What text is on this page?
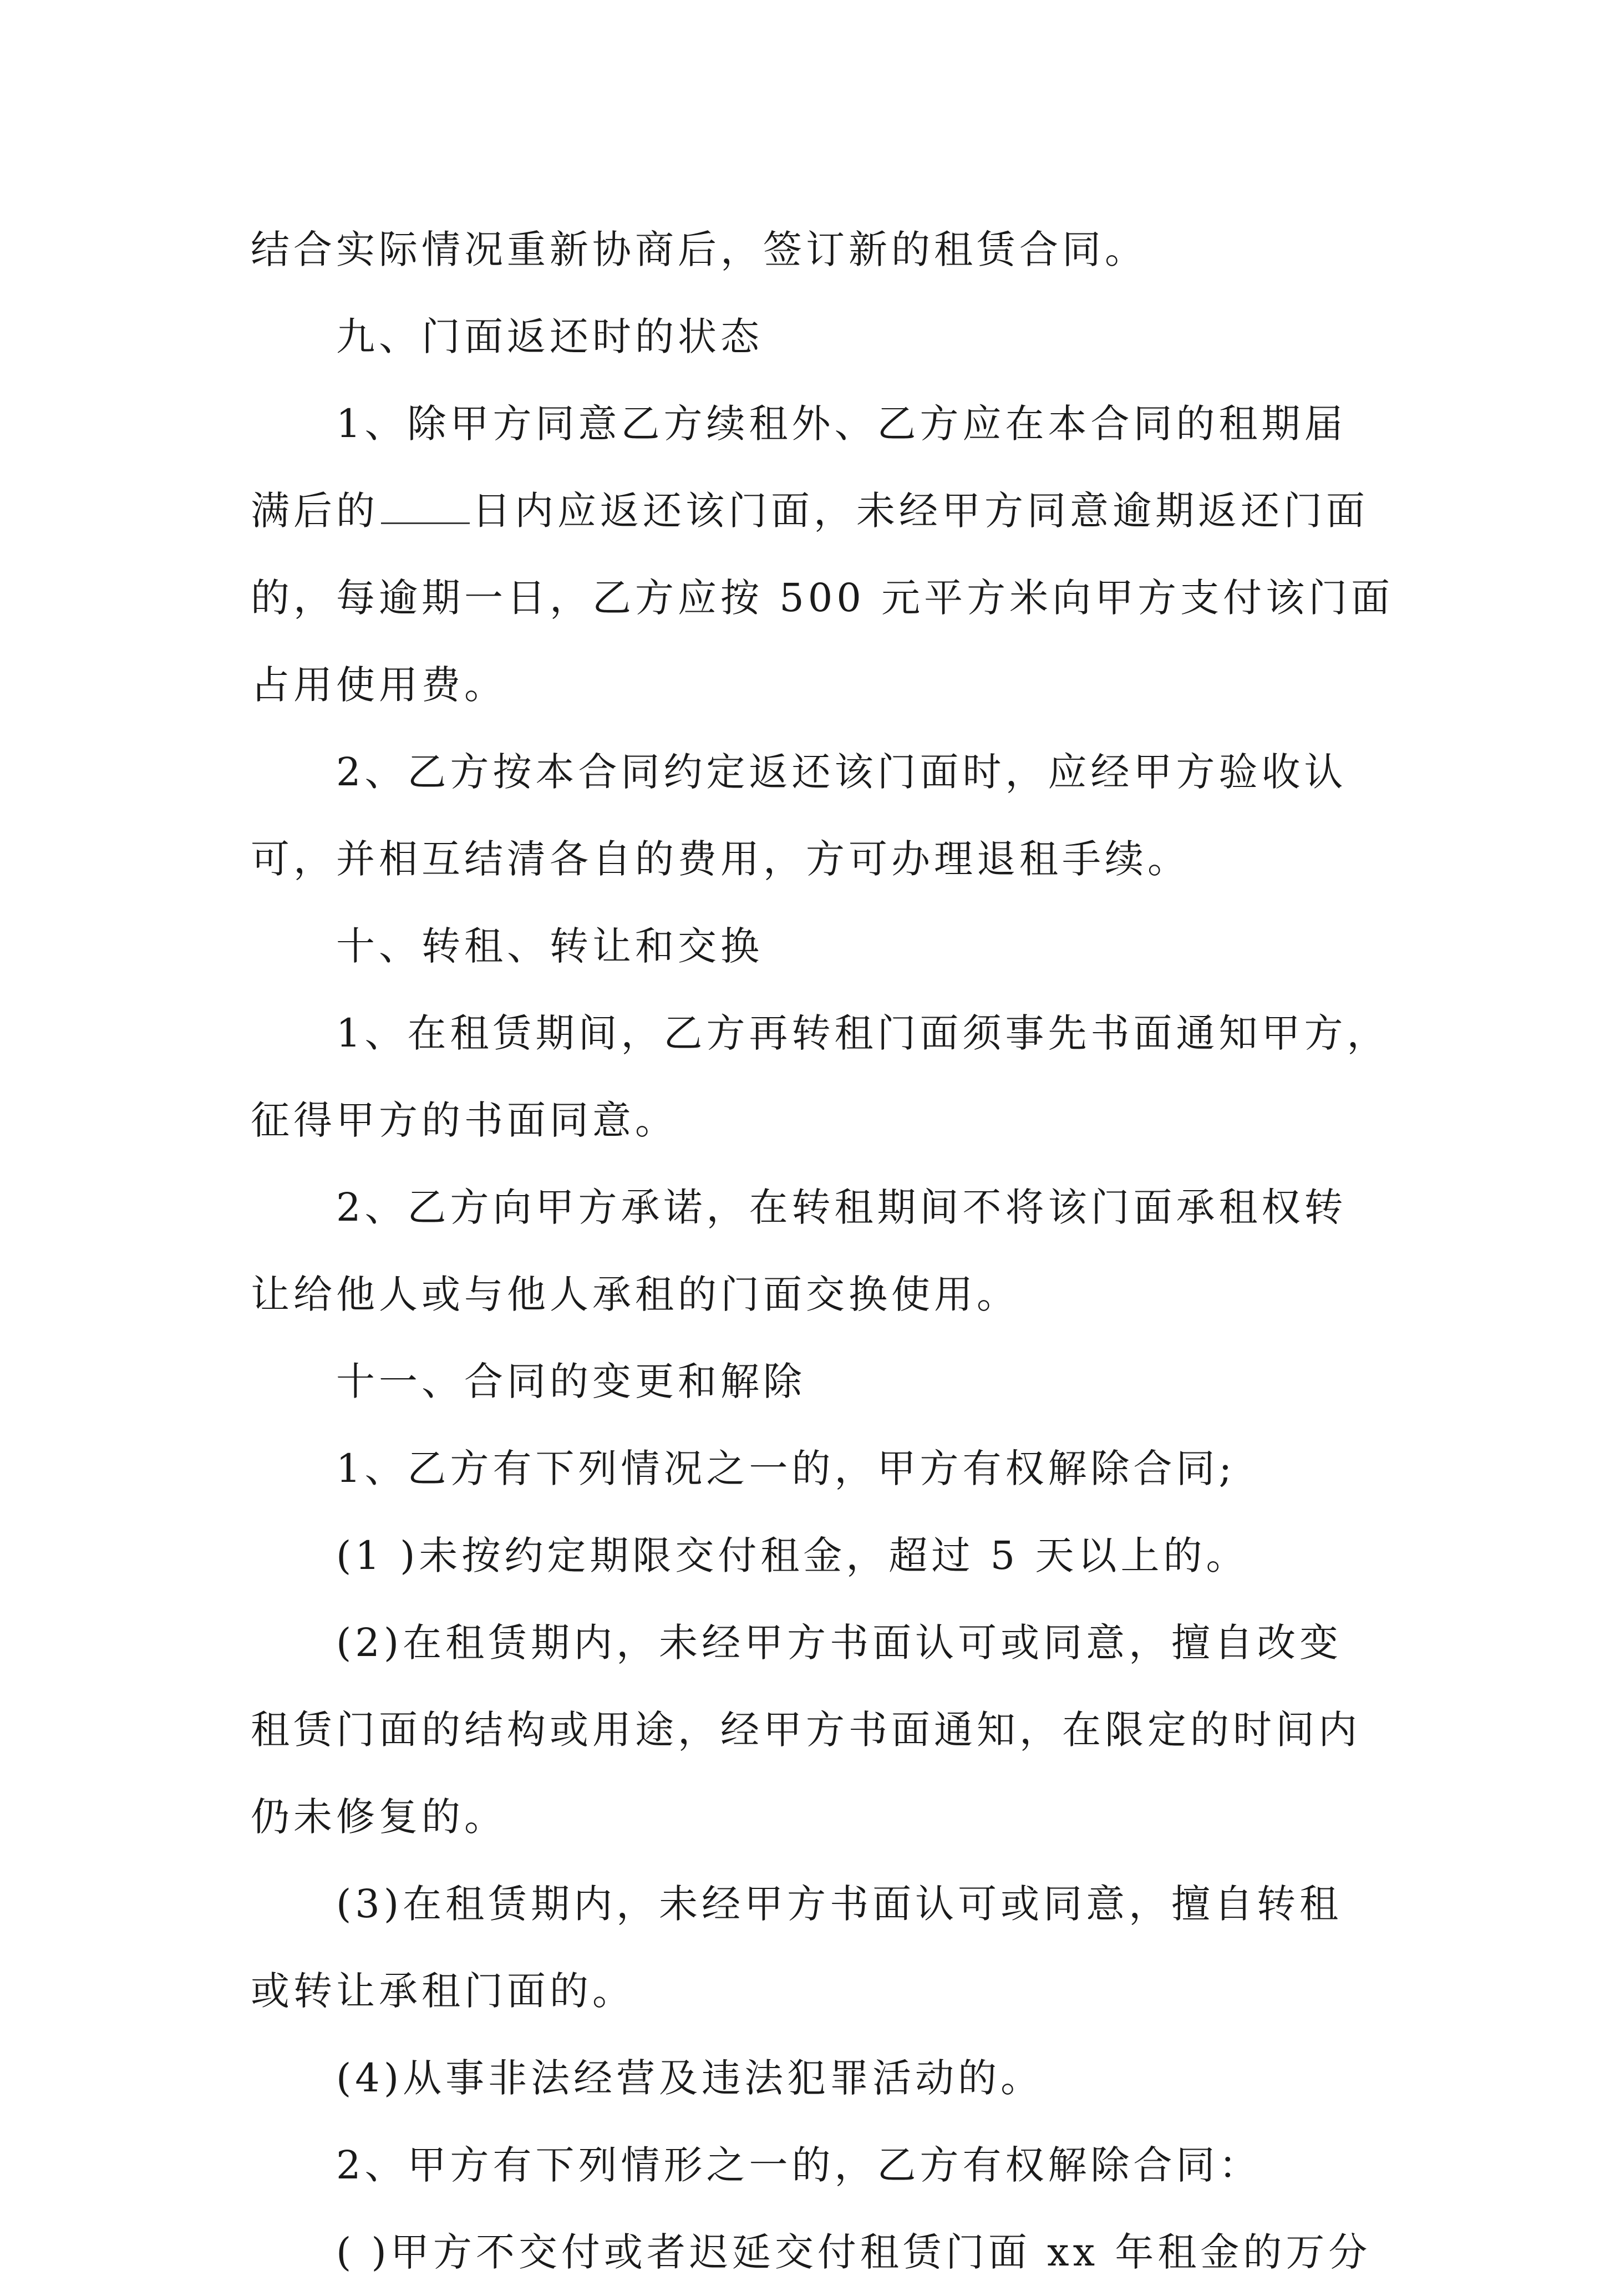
结合实际情况重新协商后，签订新的租赁合同。
九、门面返还时的状态
1、除甲方同意乙方续租外、乙方应在本合同的租期届
满后的 日内应返还该门面，未经甲方同意逾期返还门面
的，每逾期一日，乙方应按 500 元平方米向甲方支付该门面
占用使用费。
2、乙方按本合同约定返还该门面时，应经甲方验收认
可，并相互结清各自的费用，方可办理退租手续。
十、转租、转让和交换
1、在租赁期间，乙方再转租门面须事先书面通知甲方，
征得甲方的书面同意。
2、乙方向甲方承诺，在转租期间不将该门面承租权转
让给他人或与他人承租的门面交换使用。
十一、合同的变更和解除
1、乙方有下列情况之一的，甲方有权解除合同;
(1 )未按约定期限交付租金，超过 5 天以上的。
(2)在租赁期内，未经甲方书面认可或同意，擅自改变
租赁门面的结构或用途，经甲方书面通知，在限定的时间内
仍未修复的。
(3)在租赁期内，未经甲方书面认可或同意，擅自转租
或转让承租门面的。
(4)从事非法经营及违法犯罪活动的。
2、甲方有下列情形之一的，乙方有权解除合同：
( )甲方不交付或者迟延交付租赁门面 xx 年租金的万分
